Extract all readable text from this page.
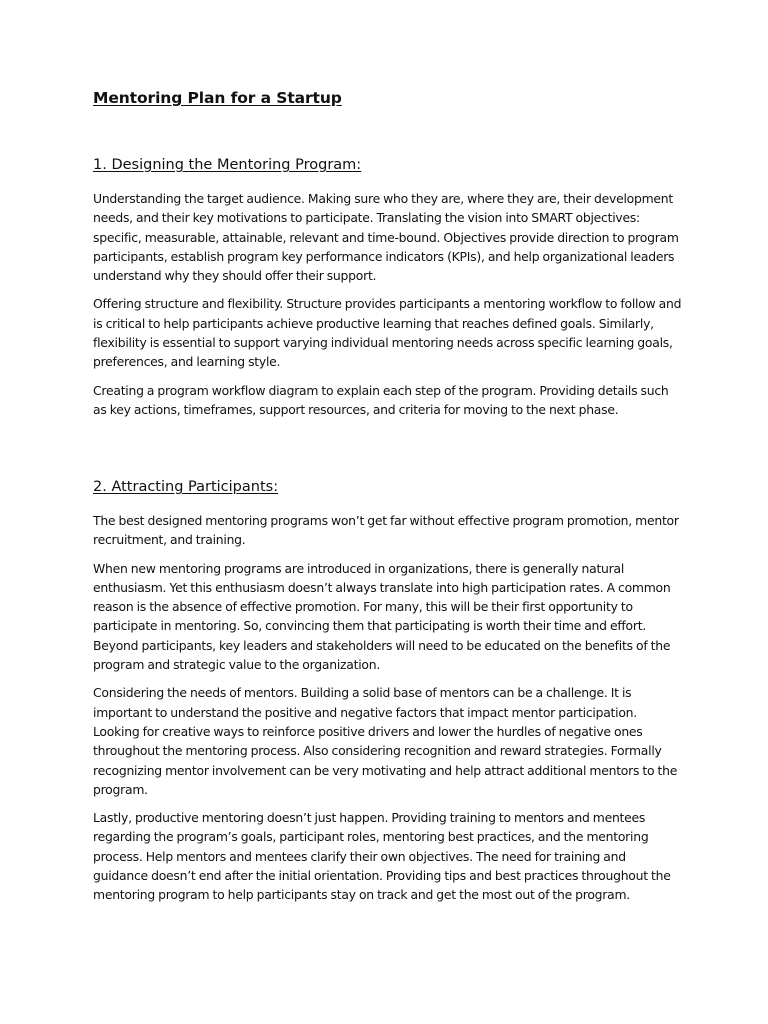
Mentoring Plan for a Startup
1. Designing the Mentoring Program:

Understanding the target audience. Making sure who they are, where they are, their development needs, and their key motivations to participate. Translating the vision into SMART objectives: specific, measurable, attainable, relevant and time-bound. Objectives provide direction to program participants, establish program key performance indicators (KPIs), and help organizational leaders understand why they should offer their support.

Offering structure and flexibility. Structure provides participants a mentoring workflow to follow and is critical to help participants achieve productive learning that reaches defined goals. Similarly, flexibility is essential to support varying individual mentoring needs across specific learning goals, preferences, and learning style.

Creating a program workflow diagram to explain each step of the program. Providing details such as key actions, timeframes, support resources, and criteria for moving to the next phase.

2. Attracting Participants:

The best designed mentoring programs won’t get far without effective program promotion, mentor recruitment, and training.

When new mentoring programs are introduced in organizations, there is generally natural enthusiasm. Yet this enthusiasm doesn’t always translate into high participation rates. A common reason is the absence of effective promotion. For many, this will be their first opportunity to participate in mentoring. So, convincing them that participating is worth their time and effort. Beyond participants, key leaders and stakeholders will need to be educated on the benefits of the program and strategic value to the organization.

Considering the needs of mentors. Building a solid base of mentors can be a challenge. It is important to understand the positive and negative factors that impact mentor participation. Looking for creative ways to reinforce positive drivers and lower the hurdles of negative ones throughout the mentoring process. Also considering recognition and reward strategies. Formally recognizing mentor involvement can be very motivating and help attract additional mentors to the program.

Lastly, productive mentoring doesn’t just happen. Providing training to mentors and mentees regarding the program’s goals, participant roles, mentoring best practices, and the mentoring process. Help mentors and mentees clarify their own objectives. The need for training and guidance doesn’t end after the initial orientation. Providing tips and best practices throughout the mentoring program to help participants stay on track and get the most out of the program.
